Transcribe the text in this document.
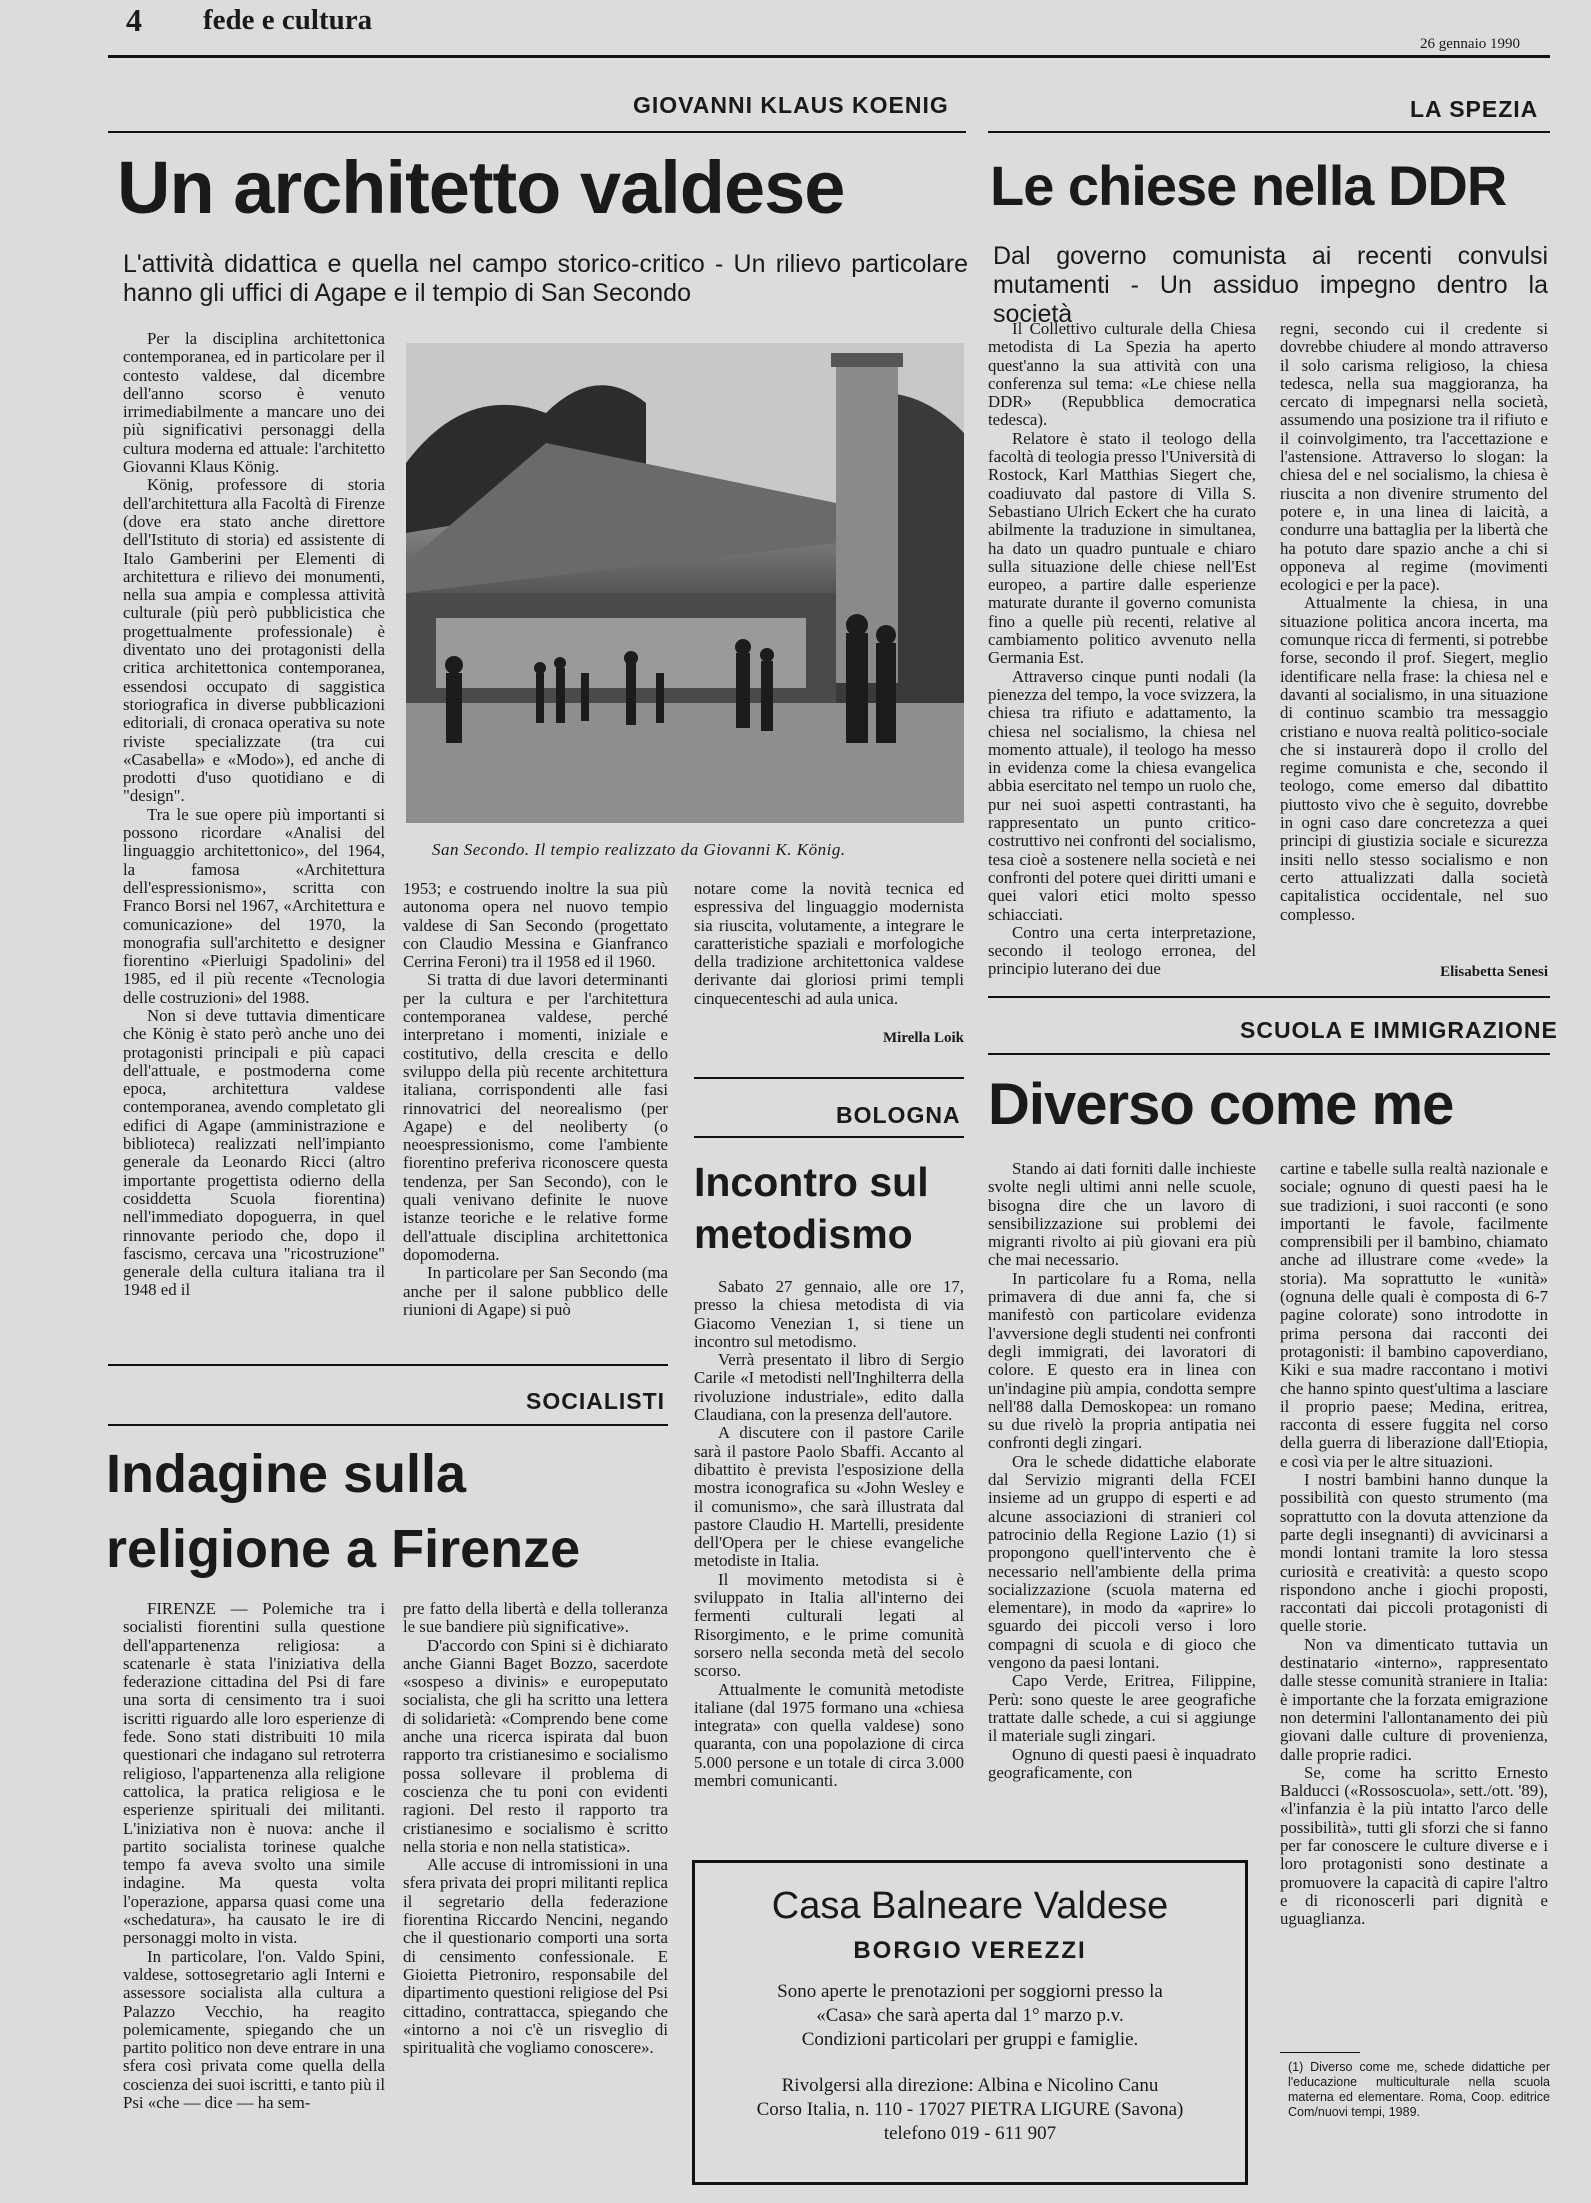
4 fede e cultura
26 gennaio 1990
GIOVANNI KLAUS KOENIG
Un architetto valdese
L'attività didattica e quella nel campo storico-critico - Un rilievo particolare hanno gli uffici di Agape e il tempio di San Secondo
San Secondo. Il tempio realizzato da Giovanni K. König.

Per la disciplina architettonica contemporanea, ed in particolare per il contesto valdese, dal dicembre dell'anno scorso è venuto irrimediabilmente a mancare uno dei più significativi personaggi della cultura moderna ed attuale: l'architetto Giovanni Klaus König.

König, professore di storia dell'architettura alla Facoltà di Firenze (dove era stato anche direttore dell'Istituto di storia) ed assistente di Italo Gamberini per Elementi di architettura e rilievo dei monumenti, nella sua ampia e complessa attività culturale (più però pubblicistica che progettualmente professionale) è diventato uno dei protagonisti della critica architettonica contemporanea, essendosi occupato di saggistica storiografica in diverse pubblicazioni editoriali, di cronaca operativa su note riviste specializzate (tra cui «Casabella» e «Modo»), ed anche di prodotti d'uso quotidiano e di "design".

Tra le sue opere più importanti si possono ricordare «Analisi del linguaggio architettonico», del 1964, la famosa «Architettura dell'espressionismo», scritta con Franco Borsi nel 1967, «Architettura e comunicazione» del 1970, la monografia sull'architetto e designer fiorentino «Pierluigi Spadolini» del 1985, ed il più recente «Tecnologia delle costruzioni» del 1988.

Non si deve tuttavia dimenticare che König è stato però anche uno dei protagonisti principali e più capaci dell'attuale, e postmoderna come epoca, architettura valdese contemporanea, avendo completato gli edifici di Agape (amministrazione e biblioteca) realizzati nell'impianto generale da Leonardo Ricci (altro importante progettista odierno della cosiddetta Scuola fiorentina) nell'immediato dopoguerra, in quel rinnovante periodo che, dopo il fascismo, cercava una "ricostruzione" generale della cultura italiana tra il 1948 ed il

1953; e costruendo inoltre la sua più autonoma opera nel nuovo tempio valdese di San Secondo (progettato con Claudio Messina e Gianfranco Cerrina Feroni) tra il 1958 ed il 1960.

Si tratta di due lavori determinanti per la cultura e per l'architettura contemporanea valdese, perché interpretano i momenti, iniziale e costitutivo, della crescita e dello sviluppo della più recente architettura italiana, corrispondenti alle fasi rinnovatrici del neorealismo (per Agape) e del neoliberty (o neoespressionismo, come l'ambiente fiorentino preferiva riconoscere questa tendenza, per San Secondo), con le quali venivano definite le nuove istanze teoriche e le relative forme dell'attuale disciplina architettonica dopomoderna.

In particolare per San Secondo (ma anche per il salone pubblico delle riunioni di Agape) si può

notare come la novità tecnica ed espressiva del linguaggio modernista sia riuscita, volutamente, a integrare le caratteristiche spaziali e morfologiche della tradizione architettonica valdese derivante dai gloriosi primi templi cinquecenteschi ad aula unica.

Mirella Loik
LA SPEZIA
Le chiese nella DDR
Dal governo comunista ai recenti convulsi mutamenti - Un assiduo impegno dentro la società

Il Collettivo culturale della Chiesa metodista di La Spezia ha aperto quest'anno la sua attività con una conferenza sul tema: «Le chiese nella DDR» (Repubblica democratica tedesca).

Relatore è stato il teologo della facoltà di teologia presso l'Università di Rostock, Karl Matthias Siegert che, coadiuvato dal pastore di Villa S. Sebastiano Ulrich Eckert che ha curato abilmente la traduzione in simultanea, ha dato un quadro puntuale e chiaro sulla situazione delle chiese nell'Est europeo, a partire dalle esperienze maturate durante il governo comunista fino a quelle più recenti, relative al cambiamento politico avvenuto nella Germania Est.

Attraverso cinque punti nodali (la pienezza del tempo, la voce svizzera, la chiesa tra rifiuto e adattamento, la chiesa nel socialismo, la chiesa nel momento attuale), il teologo ha messo in evidenza come la chiesa evangelica abbia esercitato nel tempo un ruolo che, pur nei suoi aspetti contrastanti, ha rappresentato un punto critico-costruttivo nei confronti del socialismo, tesa cioè a sostenere nella società e nei confronti del potere quei diritti umani e quei valori etici molto spesso schiacciati.

Contro una certa interpretazione, secondo il teologo erronea, del principio luterano dei due

regni, secondo cui il credente si dovrebbe chiudere al mondo attraverso il solo carisma religioso, la chiesa tedesca, nella sua maggioranza, ha cercato di impegnarsi nella società, assumendo una posizione tra il rifiuto e il coinvolgimento, tra l'accettazione e l'astensione. Attraverso lo slogan: la chiesa del e nel socialismo, la chiesa è riuscita a non divenire strumento del potere e, in una linea di laicità, a condurre una battaglia per la libertà che ha potuto dare spazio anche a chi si opponeva al regime (movimenti ecologici e per la pace).

Attualmente la chiesa, in una situazione politica ancora incerta, ma comunque ricca di fermenti, si potrebbe forse, secondo il prof. Siegert, meglio identificare nella frase: la chiesa nel e davanti al socialismo, in una situazione di continuo scambio tra messaggio cristiano e nuova realtà politico-sociale che si instaurerà dopo il crollo del regime comunista e che, secondo il teologo, come emerso dal dibattito piuttosto vivo che è seguito, dovrebbe in ogni caso dare concretezza a quei principi di giustizia sociale e sicurezza insiti nello stesso socialismo e non certo attualizzati dalla società capitalistica occidentale, nel suo complesso.

Elisabetta Senesi
BOLOGNA
Incontro sul
metodismo

Sabato 27 gennaio, alle ore 17, presso la chiesa metodista di via Giacomo Venezian 1, si tiene un incontro sul metodismo.

Verrà presentato il libro di Sergio Carile «I metodisti nell'Inghilterra della rivoluzione industriale», edito dalla Claudiana, con la presenza dell'autore.

A discutere con il pastore Carile sarà il pastore Paolo Sbaffi. Accanto al dibattito è prevista l'esposizione della mostra iconografica su «John Wesley e il comunismo», che sarà illustrata dal pastore Claudio H. Martelli, presidente dell'Opera per le chiese evangeliche metodiste in Italia.

Il movimento metodista si è sviluppato in Italia all'interno dei fermenti culturali legati al Risorgimento, e le prime comunità sorsero nella seconda metà del secolo scorso.

Attualmente le comunità metodiste italiane (dal 1975 formano una «chiesa integrata» con quella valdese) sono quaranta, con una popolazione di circa 5.000 persone e un totale di circa 3.000 membri comunicanti.

SOCIALISTI
Indagine sulla
religione a Firenze

FIRENZE — Polemiche tra i socialisti fiorentini sulla questione dell'appartenenza religiosa: a scatenarle è stata l'iniziativa della federazione cittadina del Psi di fare una sorta di censimento tra i suoi iscritti riguardo alle loro esperienze di fede. Sono stati distribuiti 10 mila questionari che indagano sul retroterra religioso, l'appartenenza alla religione cattolica, la pratica religiosa e le esperienze spirituali dei militanti. L'iniziativa non è nuova: anche il partito socialista torinese qualche tempo fa aveva svolto una simile indagine. Ma questa volta l'operazione, apparsa quasi come una «schedatura», ha causato le ire di personaggi molto in vista.

In particolare, l'on. Valdo Spini, valdese, sottosegretario agli Interni e assessore socialista alla cultura a Palazzo Vecchio, ha reagito polemicamente, spiegando che un partito politico non deve entrare in una sfera così privata come quella della coscienza dei suoi iscritti, e tanto più il Psi «che — dice — ha sem-

pre fatto della libertà e della tolleranza le sue bandiere più significative».

D'accordo con Spini si è dichiarato anche Gianni Baget Bozzo, sacerdote «sospeso a divinis» e europeputato socialista, che gli ha scritto una lettera di solidarietà: «Comprendo bene come anche una ricerca ispirata dal buon rapporto tra cristianesimo e socialismo possa sollevare il problema di coscienza che tu poni con evidenti ragioni. Del resto il rapporto tra cristianesimo e socialismo è scritto nella storia e non nella statistica».

Alle accuse di intromissioni in una sfera privata dei propri militanti replica il segretario della federazione fiorentina Riccardo Nencini, negando che il questionario comporti una sorta di censimento confessionale. E Gioietta Pietroniro, responsabile del dipartimento questioni religiose del Psi cittadino, contrattacca, spiegando che «intorno a noi c'è un risveglio di spiritualità che vogliamo conoscere».

SCUOLA E IMMIGRAZIONE
Diverso come me

Stando ai dati forniti dalle inchieste svolte negli ultimi anni nelle scuole, bisogna dire che un lavoro di sensibilizzazione sui problemi dei migranti rivolto ai più giovani era più che mai necessario.

In particolare fu a Roma, nella primavera di due anni fa, che si manifestò con particolare evidenza l'avversione degli studenti nei confronti degli immigrati, dei lavoratori di colore. E questo era in linea con un'indagine più ampia, condotta sempre nell'88 dalla Demoskopea: un romano su due rivelò la propria antipatia nei confronti degli zingari.

Ora le schede didattiche elaborate dal Servizio migranti della FCEI insieme ad un gruppo di esperti e ad alcune associazioni di stranieri col patrocinio della Regione Lazio (1) si propongono quell'intervento che è necessario nell'ambiente della prima socializzazione (scuola materna ed elementare), in modo da «aprire» lo sguardo dei piccoli verso i loro compagni di scuola e di gioco che vengono da paesi lontani.

Capo Verde, Eritrea, Filippine, Perù: sono queste le aree geografiche trattate dalle schede, a cui si aggiunge il materiale sugli zingari.

Ognuno di questi paesi è inquadrato geograficamente, con

cartine e tabelle sulla realtà nazionale e sociale; ognuno di questi paesi ha le sue tradizioni, i suoi racconti (e sono importanti le favole, facilmente comprensibili per il bambino, chiamato anche ad illustrare come «vede» la storia). Ma soprattutto le «unità» (ognuna delle quali è composta di 6-7 pagine colorate) sono introdotte in prima persona dai racconti dei protagonisti: il bambino capoverdiano, Kiki e sua madre raccontano i motivi che hanno spinto quest'ultima a lasciare il proprio paese; Medina, eritrea, racconta di essere fuggita nel corso della guerra di liberazione dall'Etiopia, e così via per le altre situazioni.

I nostri bambini hanno dunque la possibilità con questo strumento (ma soprattutto con la dovuta attenzione da parte degli insegnanti) di avvicinarsi a mondi lontani tramite la loro stessa curiosità e creatività: a questo scopo rispondono anche i giochi proposti, raccontati dai piccoli protagonisti di quelle storie.

Non va dimenticato tuttavia un destinatario «interno», rappresentato dalle stesse comunità straniere in Italia: è importante che la forzata emigrazione non determini l'allontanamento dei più giovani dalle culture di provenienza, dalle proprie radici.

Se, come ha scritto Ernesto Balducci («Rossoscuola», sett./ott. '89), «l'infanzia è la più intatto l'arco delle possibilità», tutti gli sforzi che si fanno per far conoscere le culture diverse e i loro protagonisti sono destinate a promuovere la capacità di capire l'altro e di riconoscerli pari dignità e uguaglianza.

(1) Diverso come me, schede didattiche per l'educazione multiculturale nella scuola materna ed elementare. Roma, Coop. editrice Com/nuovi tempi, 1989.
Casa Balneare Valdese
BORGIO VEREZZI
Sono aperte le prenotazioni per soggiorni presso la
«Casa» che sarà aperta dal 1° marzo p.v.
Condizioni particolari per gruppi e famiglie.
Rivolgersi alla direzione: Albina e Nicolino Canu
Corso Italia, n. 110 - 17027 PIETRA LIGURE (Savona)
telefono 019 - 611 907
